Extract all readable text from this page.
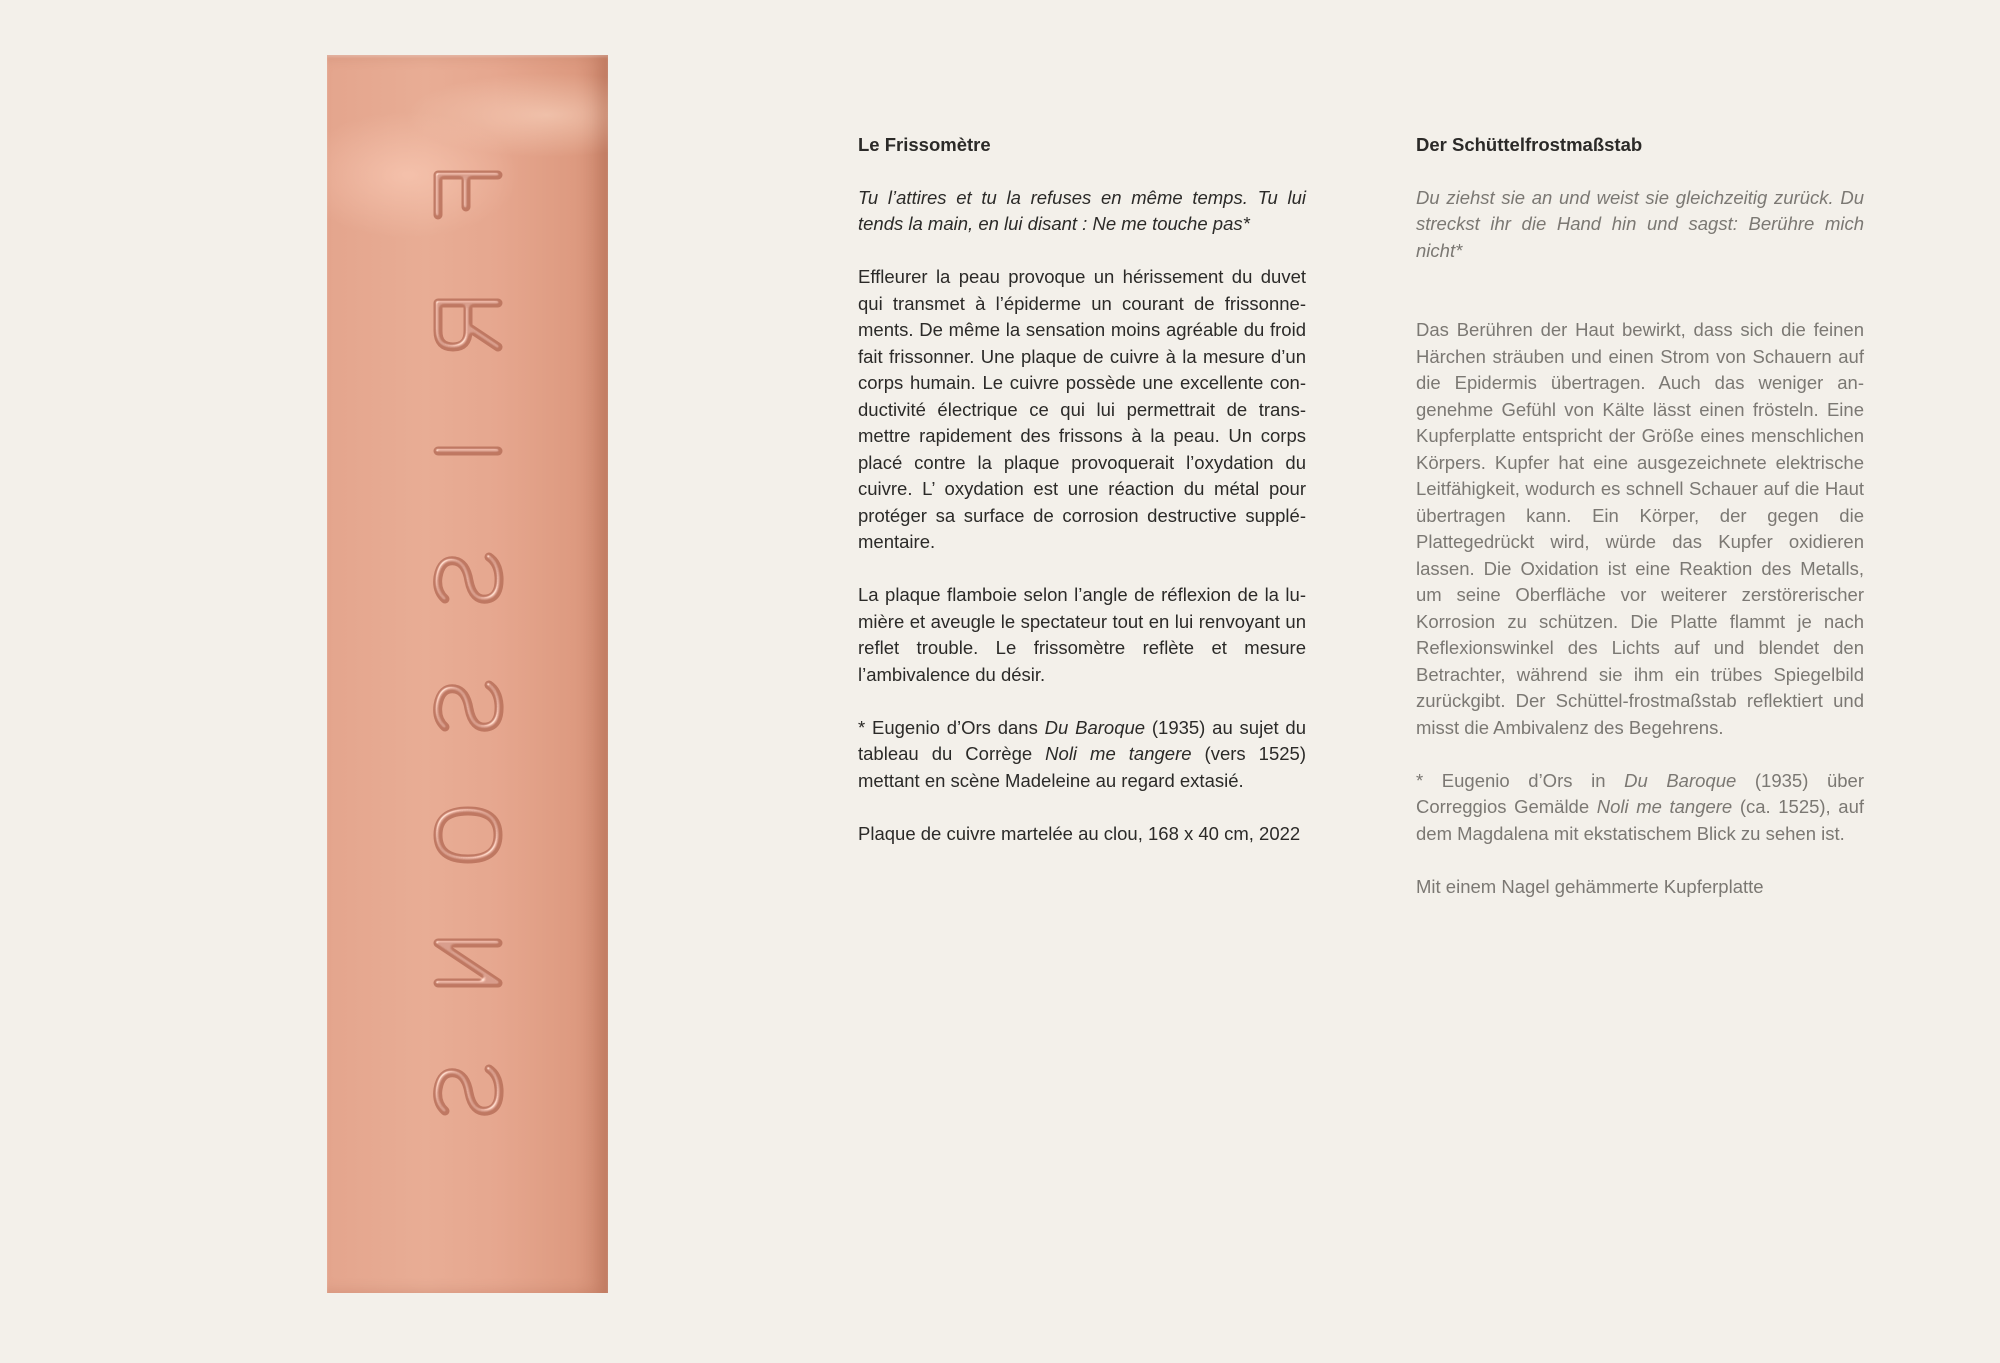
Le Frissomètre

Tu l’attires et tu la refuses en même temps. Tu lui tends la main, en lui disant : Ne me touche pas*

Effleurer la peau provoque un hérissement du duvet qui transmet à l’épiderme un courant de frissonne- ments. De même la sensation moins agréable du froid fait frissonner. Une plaque de cuivre à la mesure d’un corps humain. Le cuivre possède une excellente con- ductivité électrique ce qui lui permettrait de trans- mettre rapidement des frissons à la peau. Un corps placé contre la plaque provoquerait l’oxydation du cuivre. L’ oxydation est une réaction du métal pour protéger sa surface de corrosion destructive supplé- mentaire.

La plaque flamboie selon l’angle de réflexion de la lu- mière et aveugle le spectateur tout en lui renvoyant un reflet trouble. Le frissomètre reflète et mesure l’ambivalence du désir.

* Eugenio d’Ors dans Du Baroque (1935) au sujet du tableau du Corrège Noli me tangere (vers 1525) mettant en scène Madeleine au regard extasié.

Plaque de cuivre martelée au clou, 168 x 40 cm, 2022

Der Schüttelfrostmaßstab

Du ziehst sie an und weist sie gleichzeitig zurück. Du streckst ihr die Hand hin und sagst: Berühre mich nicht*

Das Berühren der Haut bewirkt, dass sich die feinen Härchen sträuben und einen Strom von Schauern auf die Epidermis übertragen. Auch das weniger an- genehme Gefühl von Kälte lässt einen frösteln. Eine Kupferplatte entspricht der Größe eines menschlichen Körpers. Kupfer hat eine ausgezeichnete elektrische Leitfähigkeit, wodurch es schnell Schauer auf die Haut übertragen kann. Ein Körper, der gegen die Plattegedrückt wird, würde das Kupfer oxidieren lassen. Die Oxidation ist eine Reaktion des Metalls, um seine Oberfläche vor weiterer zerstörerischer Korrosion zu schützen. Die Platte flammt je nach Reflexionswinkel des Lichts auf und blendet den Betrachter, während sie ihm ein trübes Spiegelbild zurückgibt. Der Schüttel-frostmaßstab reflektiert und misst die Ambivalenz des Begehrens.

* Eugenio d’Ors in Du Baroque (1935) über Correggios Gemälde Noli me tangere (ca. 1525), auf dem Magdalena mit ekstatischem Blick zu sehen ist.

Mit einem Nagel gehämmerte Kupferplatte
